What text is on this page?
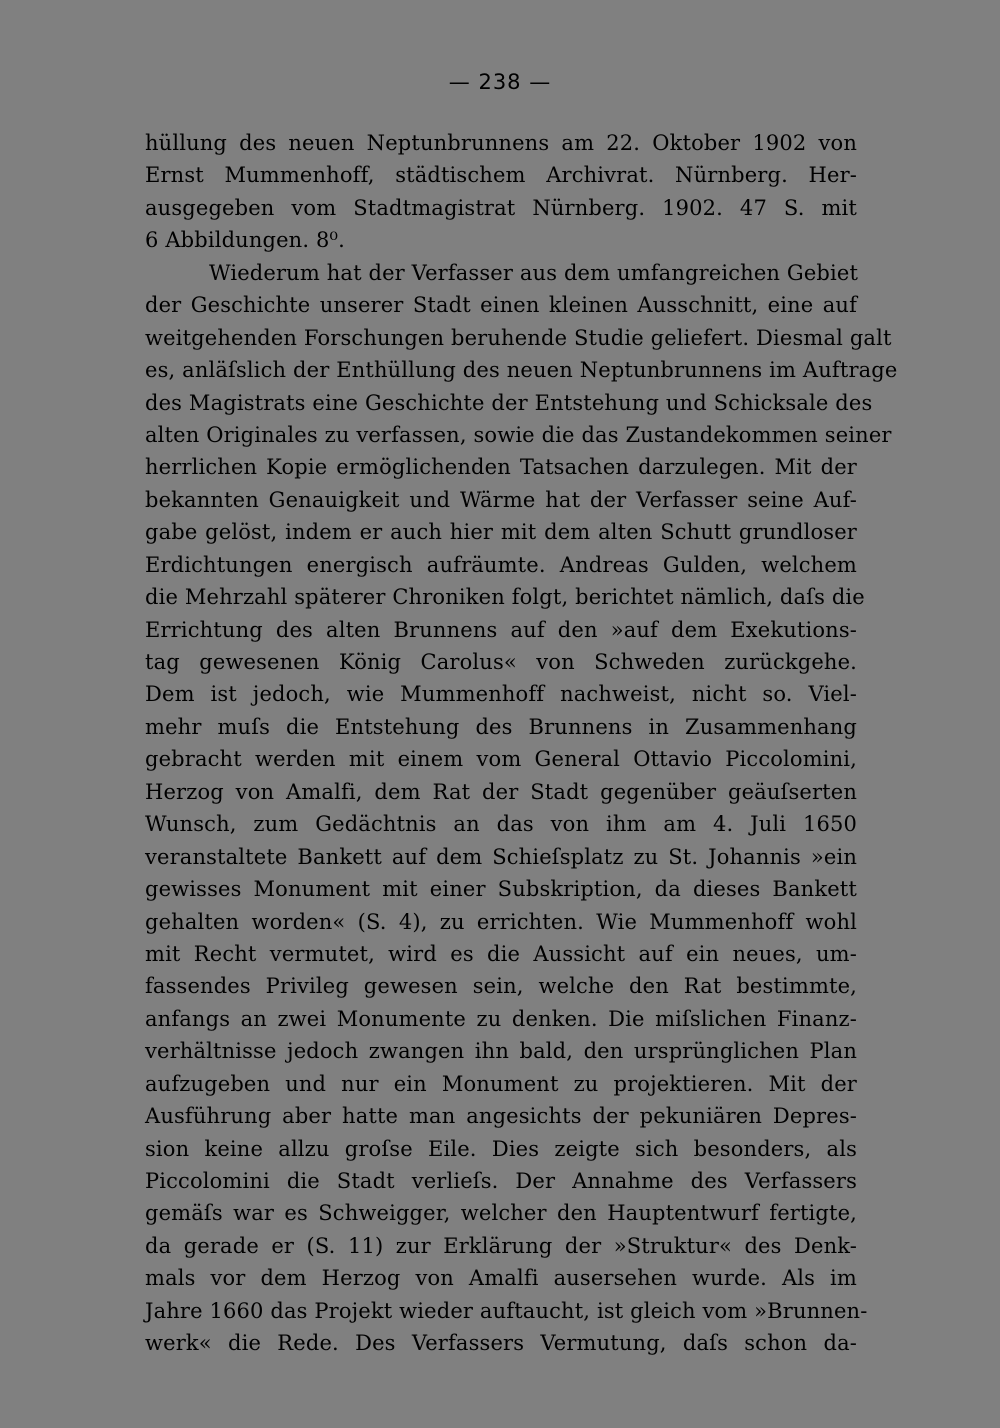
— 238 —
hüllung des neuen Neptunbrunnens am 22. Oktober 1902 von
Ernst Mummenhoff, städtischem Archivrat. Nürnberg. Her-
ausgegeben vom Stadtmagistrat Nürnberg. 1902. 47 S. mit
6 Abbildungen. 8⁰.
Wiederum hat der Verfasser aus dem umfangreichen Gebiet
der Geschichte unserer Stadt einen kleinen Ausschnitt, eine auf
weitgehenden Forschungen beruhende Studie geliefert. Diesmal galt
es, anläſslich der Enthüllung des neuen Neptunbrunnens im Auftrage
des Magistrats eine Geschichte der Entstehung und Schicksale des
alten Originales zu verfassen, sowie die das Zustandekommen seiner
herrlichen Kopie ermöglichenden Tatsachen darzulegen. Mit der
bekannten Genauigkeit und Wärme hat der Verfasser seine Auf-
gabe gelöst, indem er auch hier mit dem alten Schutt grundloser
Erdichtungen energisch aufräumte. Andreas Gulden, welchem
die Mehrzahl späterer Chroniken folgt, berichtet nämlich, daſs die
Errichtung des alten Brunnens auf den »auf dem Exekutions-
tag gewesenen König Carolus« von Schweden zurückgehe.
Dem ist jedoch, wie Mummenhoff nachweist, nicht so. Viel-
mehr muſs die Entstehung des Brunnens in Zusammenhang
gebracht werden mit einem vom General Ottavio Piccolomini,
Herzog von Amalfi, dem Rat der Stadt gegenüber geäuſserten
Wunsch, zum Gedächtnis an das von ihm am 4. Juli 1650
veranstaltete Bankett auf dem Schieſsplatz zu St. Johannis »ein
gewisses Monument mit einer Subskription, da dieses Bankett
gehalten worden« (S. 4), zu errichten. Wie Mummenhoff wohl
mit Recht vermutet, wird es die Aussicht auf ein neues, um-
fassendes Privileg gewesen sein, welche den Rat bestimmte,
anfangs an zwei Monumente zu denken. Die miſslichen Finanz-
verhältnisse jedoch zwangen ihn bald, den ursprünglichen Plan
aufzugeben und nur ein Monument zu projektieren. Mit der
Ausführung aber hatte man angesichts der pekuniären Depres-
sion keine allzu groſse Eile. Dies zeigte sich besonders, als
Piccolomini die Stadt verlieſs. Der Annahme des Verfassers
gemäſs war es Schweigger, welcher den Hauptentwurf fertigte,
da gerade er (S. 11) zur Erklärung der »Struktur« des Denk-
mals vor dem Herzog von Amalfi ausersehen wurde. Als im
Jahre 1660 das Projekt wieder auftaucht, ist gleich vom »Brunnen-
werk« die Rede. Des Verfassers Vermutung, daſs schon da-
